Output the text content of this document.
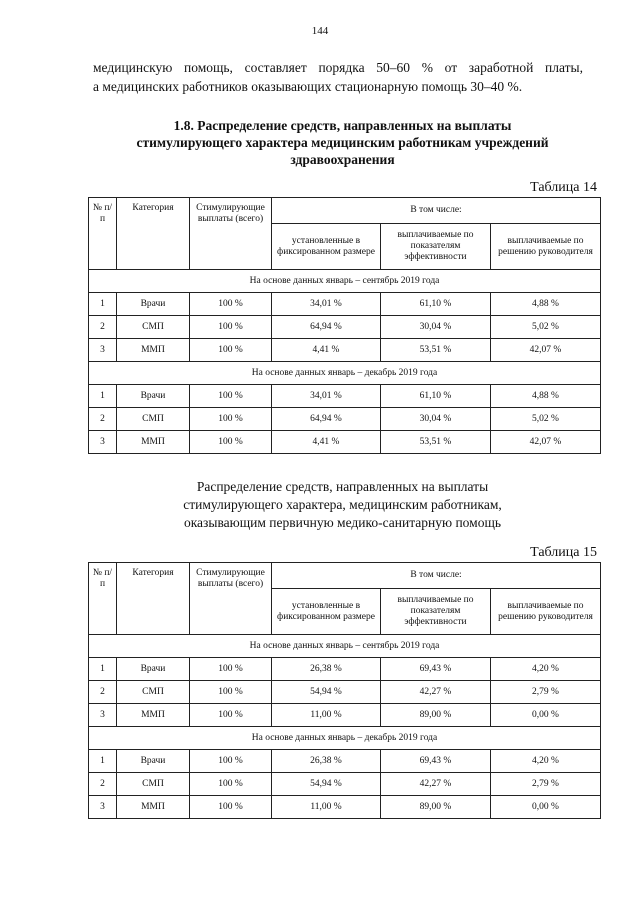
144

медицинскую помощь, составляет порядка 50–60 % от заработной платы,

а медицинских работников оказывающих стационарную помощь 30–40 %.

1.8. Распределение средств, направленных на выплаты
стимулирующего характера медицинским работникам учреждений
здравоохранения
Таблица 14
№ п/п	Категория	Стимулирующие выплаты (всего)	В том числе:		
			установленные в фиксированном размере	выплачиваемые по показателям эффективности	выплачиваемые по решению руководителя
На основе данных январь – сентябрь 2019 года					
1	Врачи	100 %	34,01 %	61,10 %	4,88 %
2	СМП	100 %	64,94 %	30,04 %	5,02 %
3	ММП	100 %	4,41 %	53,51 %	42,07 %
На основе данных январь – декабрь 2019 года					
1	Врачи	100 %	34,01 %	61,10 %	4,88 %
2	СМП	100 %	64,94 %	30,04 %	5,02 %
3	ММП	100 %	4,41 %	53,51 %	42,07 %
Распределение средств, направленных на выплаты
стимулирующего характера, медицинским работникам,
оказывающим первичную медико-санитарную помощь
Таблица 15
№ п/п	Категория	Стимулирующие выплаты (всего)	В том числе:		
			установленные в фиксированном размере	выплачиваемые по показателям эффективности	выплачиваемые по решению руководителя
На основе данных январь – сентябрь 2019 года					
1	Врачи	100 %	26,38 %	69,43 %	4,20 %
2	СМП	100 %	54,94 %	42,27 %	2,79 %
3	ММП	100 %	11,00 %	89,00 %	0,00 %
На основе данных январь – декабрь 2019 года					
1	Врачи	100 %	26,38 %	69,43 %	4,20 %
2	СМП	100 %	54,94 %	42,27 %	2,79 %
3	ММП	100 %	11,00 %	89,00 %	0,00 %
